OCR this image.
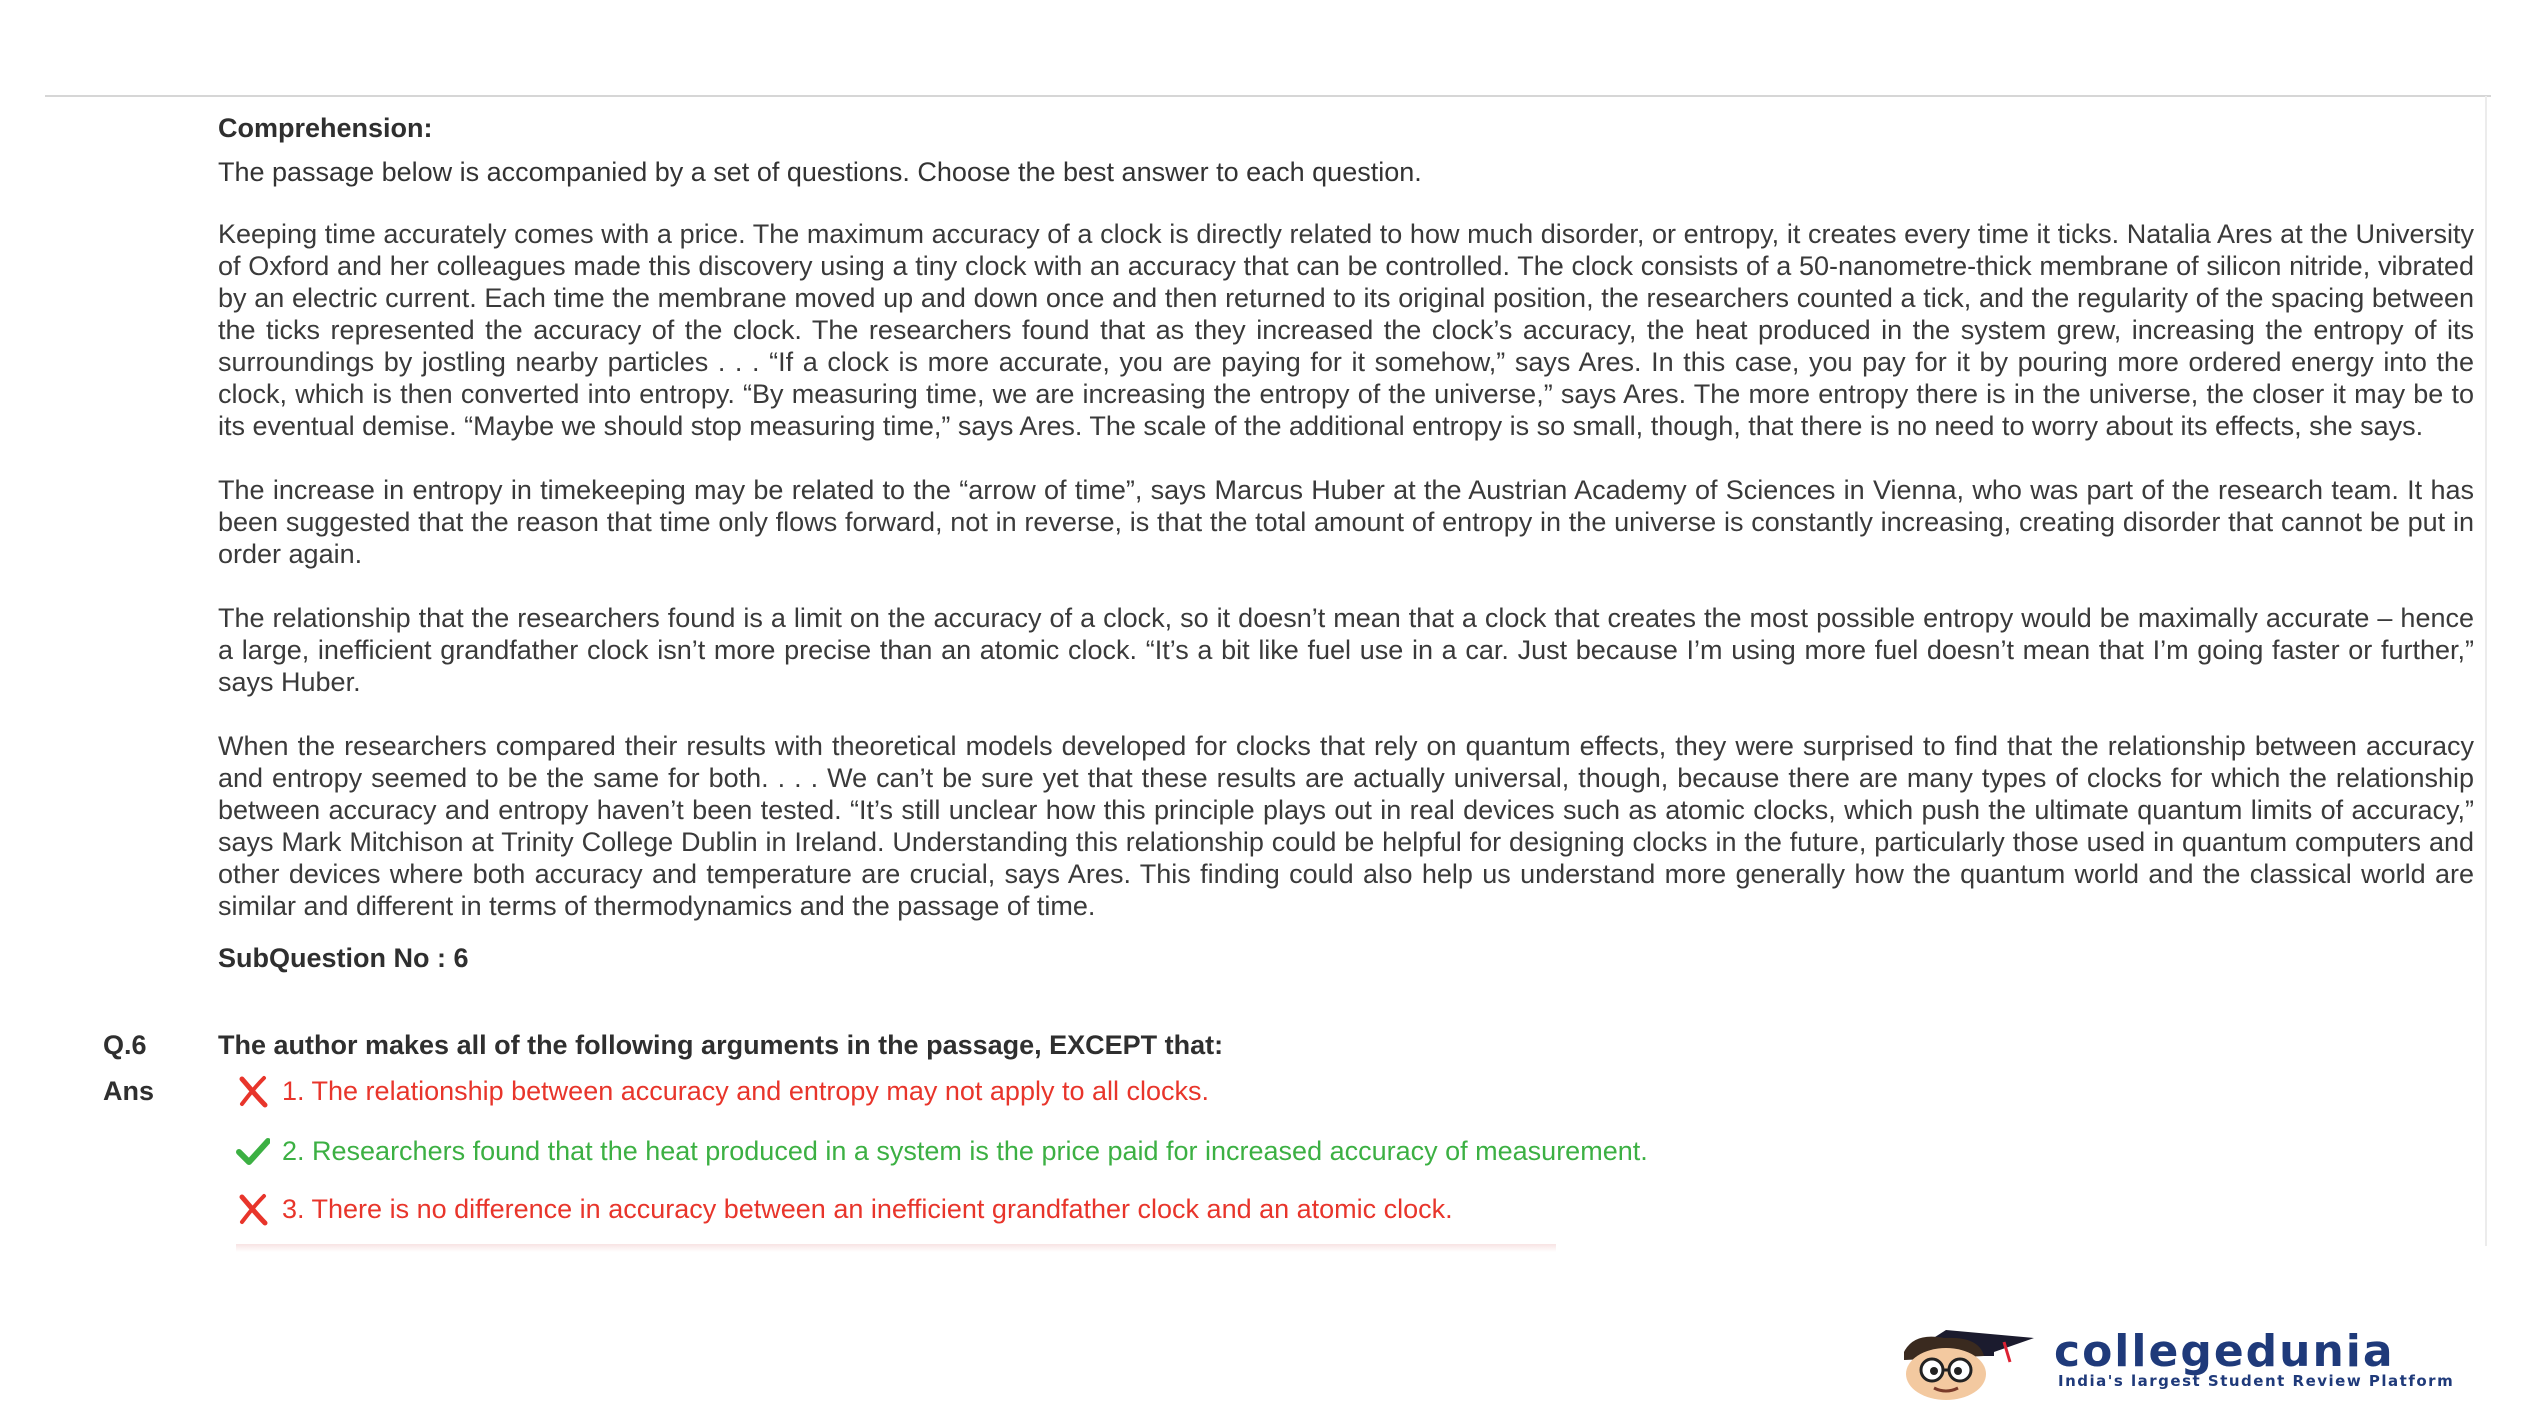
Comprehension:
The passage below is accompanied by a set of questions. Choose the best answer to each question.

Keeping time accurately comes with a price. The maximum accuracy of a clock is directly related to how much disorder, or entropy, it creates every time it ticks. Natalia Ares at the University of Oxford and her colleagues made this discovery using a tiny clock with an accuracy that can be controlled. The clock consists of a 50-nanometre-thick membrane of silicon nitride, vibrated by an electric current. Each time the membrane moved up and down once and then returned to its original position, the researchers counted a tick, and the regularity of the spacing between the ticks represented the accuracy of the clock. The researchers found that as they increased the clock’s accuracy, the heat produced in the system grew, increasing the entropy of its surroundings by jostling nearby particles . . . “If a clock is more accurate, you are paying for it somehow,” says Ares. In this case, you pay for it by pouring more ordered energy into the clock, which is then converted into entropy. “By measuring time, we are increasing the entropy of the universe,” says Ares. The more entropy there is in the universe, the closer it may be to its eventual demise. “Maybe we should stop measuring time,” says Ares. The scale of the additional entropy is so small, though, that there is no need to worry about its effects, she says.

The increase in entropy in timekeeping may be related to the “arrow of time”, says Marcus Huber at the Austrian Academy of Sciences in Vienna, who was part of the research team. It has been suggested that the reason that time only flows forward, not in reverse, is that the total amount of entropy in the universe is constantly increasing, creating disorder that cannot be put in order again.

The relationship that the researchers found is a limit on the accuracy of a clock, so it doesn’t mean that a clock that creates the most possible entropy would be maximally accurate – hence a large, inefficient grandfather clock isn’t more precise than an atomic clock. “It’s a bit like fuel use in a car. Just because I’m using more fuel doesn’t mean that I’m going faster or further,” says Huber.

When the researchers compared their results with theoretical models developed for clocks that rely on quantum effects, they were surprised to find that the relationship between accuracy and entropy seemed to be the same for both. . . . We can’t be sure yet that these results are actually universal, though, because there are many types of clocks for which the relationship between accuracy and entropy haven’t been tested. “It’s still unclear how this principle plays out in real devices such as atomic clocks, which push the ultimate quantum limits of accuracy,” says Mark Mitchison at Trinity College Dublin in Ireland. Understanding this relationship could be helpful for designing clocks in the future, particularly those used in quantum computers and other devices where both accuracy and temperature are crucial, says Ares. This finding could also help us understand more generally how the quantum world and the classical world are similar and different in terms of thermodynamics and the passage of time.

SubQuestion No : 6
Q.6	The author makes all of the following arguments in the passage, EXCEPT that:
Ans	1. The relationship between accuracy and entropy may not apply to all clocks.
2. Researchers found that the heat produced in a system is the price paid for increased accuracy of measurement.
3. There is no difference in accuracy between an inefficient grandfather clock and an atomic clock.
collegedunia
India's largest Student Review Platform
